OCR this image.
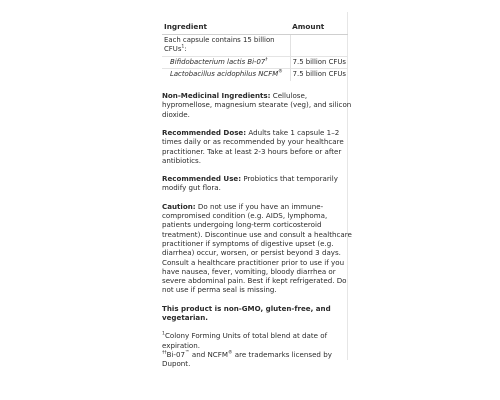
Ingredient	Amount
Each capsule contains 15 billion CFUs$^1$:	
Bifidobacterium lactis Bi-07†	7.5 billion CFUs
Lactobacillus acidophilus NCFM®	7.5 billion CFUs

Non-Medicinal Ingredients: Cellulose, hypromellose, magnesium stearate (veg), and silicon dioxide.

Recommended Dose: Adults take 1 capsule 1–2 times daily or as recommended by your healthcare practitioner. Take at least 2-3 hours before or after antibiotics.

Recommended Use: Probiotics that temporarily modify gut flora.

Caution: Do not use if you have an immune-compromised condition (e.g. AIDS, lymphoma, patients undergoing long-term corticosteroid treatment). Discontinue use and consult a healthcare practitioner if symptoms of digestive upset (e.g. diarrhea) occur, worsen, or persist beyond 3 days. Consult a healthcare practitioner prior to use if you have nausea, fever, vomiting, bloody diarrhea or severe abdominal pain. Best if kept refrigerated. Do not use if perma seal is missing.

This product is non-GMO, gluten-free, and vegetarian.

$^1$Colony Forming Units of total blend at date of expiration.

††Bi-07™ and NCFM® are trademarks licensed by Dupont.
